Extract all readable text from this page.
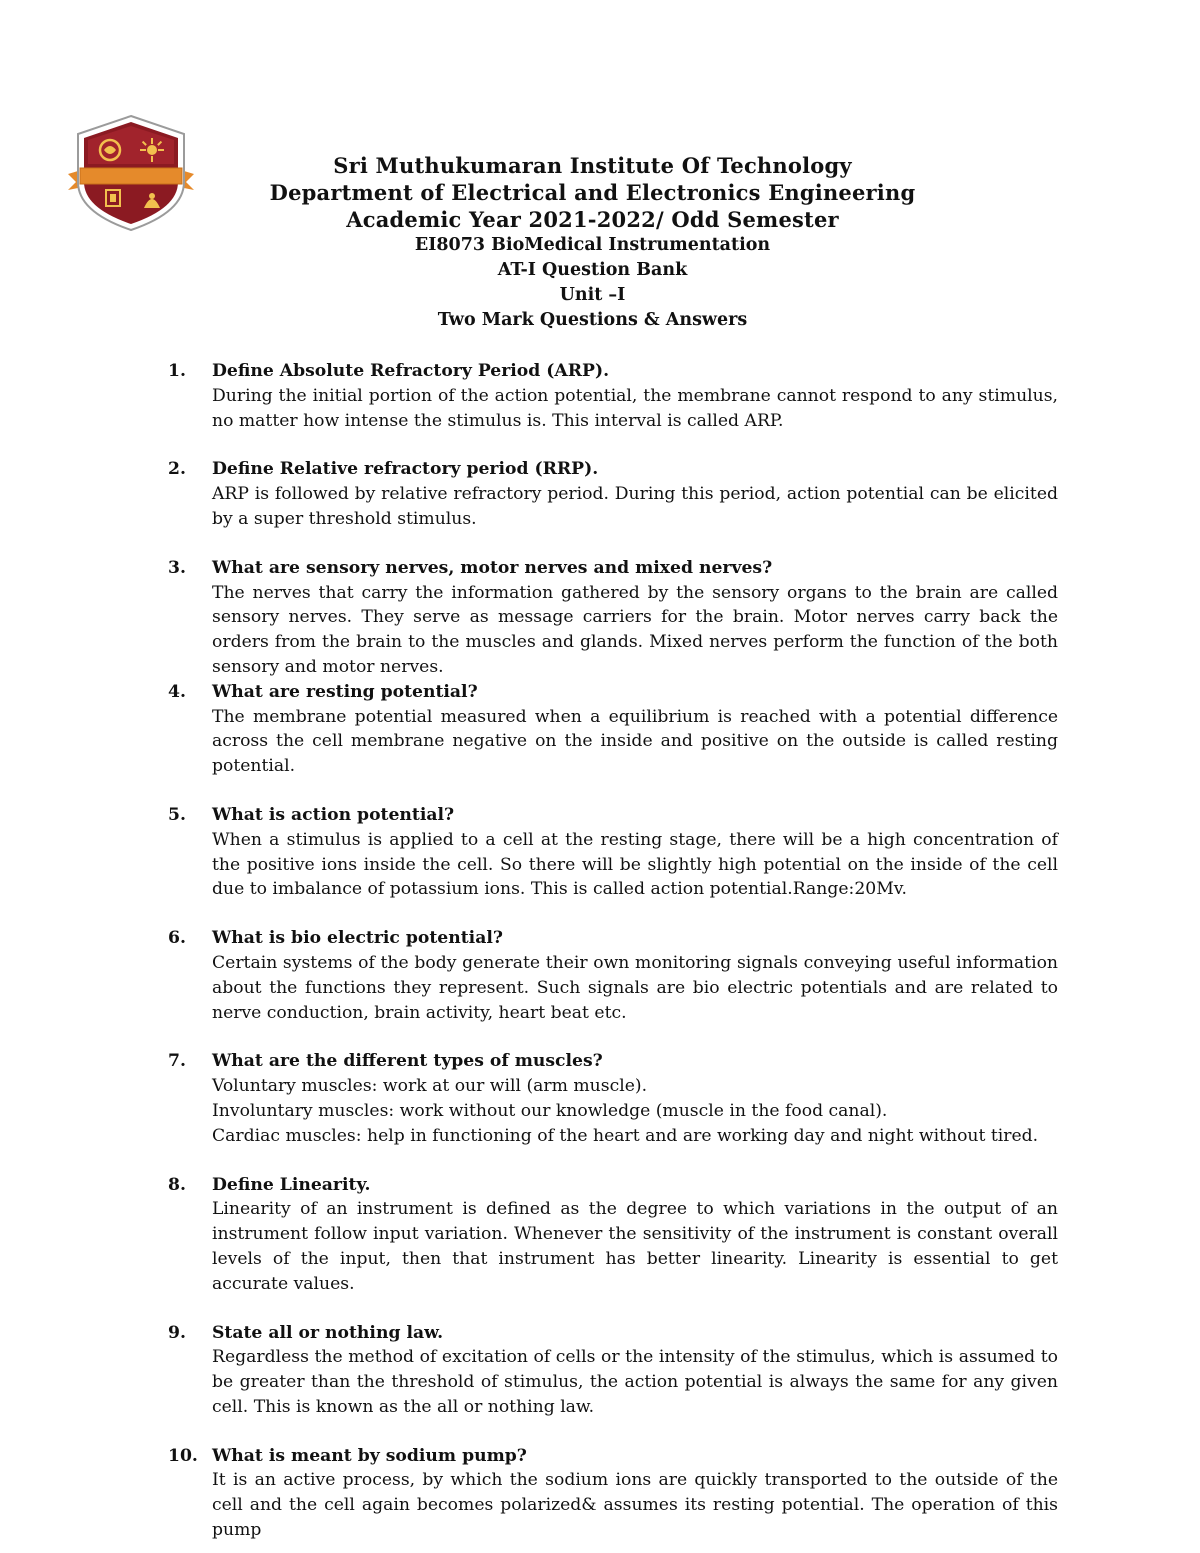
Sri Muthukumaran Institute Of Technology
Department of Electrical and Electronics Engineering
Academic Year 2021-2022/ Odd Semester
EI8073 BioMedical Instrumentation
AT-I Question Bank
Unit –I
Two Mark Questions & Answers
1. Define Absolute Refractory Period (ARP).
During the initial portion of the action potential, the membrane cannot respond to any stimulus, no matter how intense the stimulus is. This interval is called ARP.
2. Define Relative refractory period (RRP).
ARP is followed by relative refractory period. During this period, action potential can be elicited by a super threshold stimulus.
3. What are sensory nerves, motor nerves and mixed nerves?
The nerves that carry the information gathered by the sensory organs to the brain are called sensory nerves. They serve as message carriers for the brain. Motor nerves carry back the orders from the brain to the muscles and glands. Mixed nerves perform the function of the both sensory and motor nerves.
4. What are resting potential?
The membrane potential measured when a equilibrium is reached with a potential difference across the cell membrane negative on the inside and positive on the outside is called resting potential.
5. What is action potential?
When a stimulus is applied to a cell at the resting stage, there will be a high concentration of the positive ions inside the cell. So there will be slightly high potential on the inside of the cell due to imbalance of potassium ions. This is called action potential.Range:20Mv.
6. What is bio electric potential?
Certain systems of the body generate their own monitoring signals conveying useful information about the functions they represent. Such signals are bio electric potentials and are related to nerve conduction, brain activity, heart beat etc.
7. What are the different types of muscles?
Voluntary muscles: work at our will (arm muscle).
Involuntary muscles: work without our knowledge (muscle in the food canal).
Cardiac muscles: help in functioning of the heart and are working day and night without tired.
8. Define Linearity.
Linearity of an instrument is defined as the degree to which variations in the output of an instrument follow input variation. Whenever the sensitivity of the instrument is constant overall levels of the input, then that instrument has better linearity. Linearity is essential to get accurate values.
9. State all or nothing law.
Regardless the method of excitation of cells or the intensity of the stimulus, which is assumed to be greater than the threshold of stimulus, the action potential is always the same for any given cell. This is known as the all or nothing law.
10. What is meant by sodium pump?
It is an active process, by which the sodium ions are quickly transported to the outside of the cell and the cell again becomes polarized& assumes its resting potential. The operation of this pump
